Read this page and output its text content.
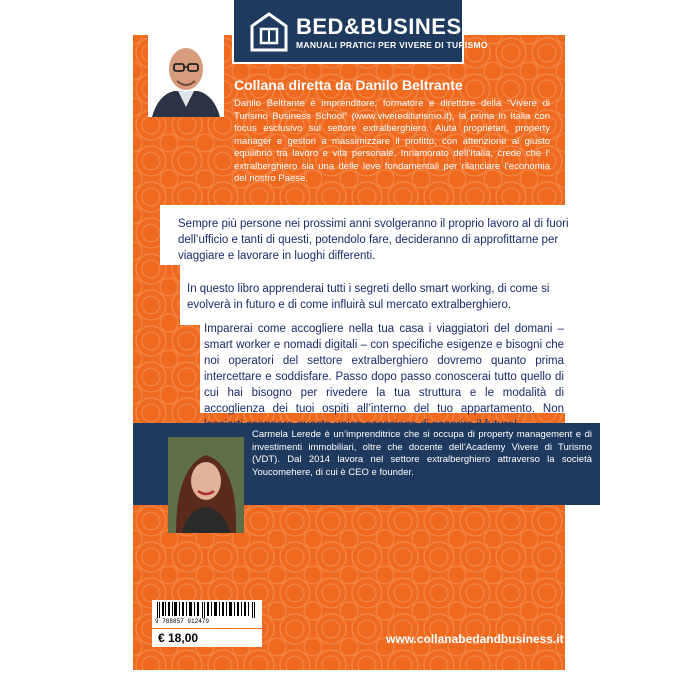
BED&BUSINESS
MANUALI PRATICI PER VIVERE DI TURISMO
Collana diretta da Danilo Beltrante
Danilo Beltrante è imprenditore, formatore e direttore della “Vivere di Turismo Business School” (www.viverediturismo.it), la prima in Italia con focus esclusivo sul settore extralberghiero. Aiuta proprietari, property manager e gestori a massimizzare il profitto, con attenzione al giusto equilibrio tra lavoro e vita personale. Innamorato dell’Italia, crede che l’ extralberghiero sia una delle leve fondamentali per rilanciare l’economia del nostro Paese.
Sempre più persone nei prossimi anni svolgeranno il proprio lavoro al di fuori dell’ufficio e tanti di questi, potendolo fare, decideranno di approfittarne per viaggiare e lavorare in luoghi differenti.
In questo libro apprenderai tutti i segreti dello smart working, di come si evolverà in futuro e di come influirà sul mercato extralberghiero.
Imparerai come accogliere nella tua casa i viaggiatori del domani – smart worker e nomadi digitali – con specifiche esigenze e bisogni che noi operatori del settore extralberghiero dovremo quanto prima intercettare e soddisfare. Passo dopo passo conoscerai tutto quello di cui hai bisogno per rivedere la tua struttura e le modalità di accoglienza dei tuoi ospiti all’interno del tuo appartamento. Non
Carmela Lerede è un’imprenditrice che si occupa di property management e di investimenti immobiliari, oltre che docente dell’Academy Vivere di Turismo (VDT). Dal 2014 lavora nel settore extralberghiero attraverso la società Youcomehere, di cui è CEO e founder.
9 788857 912479
€ 18,00	www.collanabedandbusiness.it
